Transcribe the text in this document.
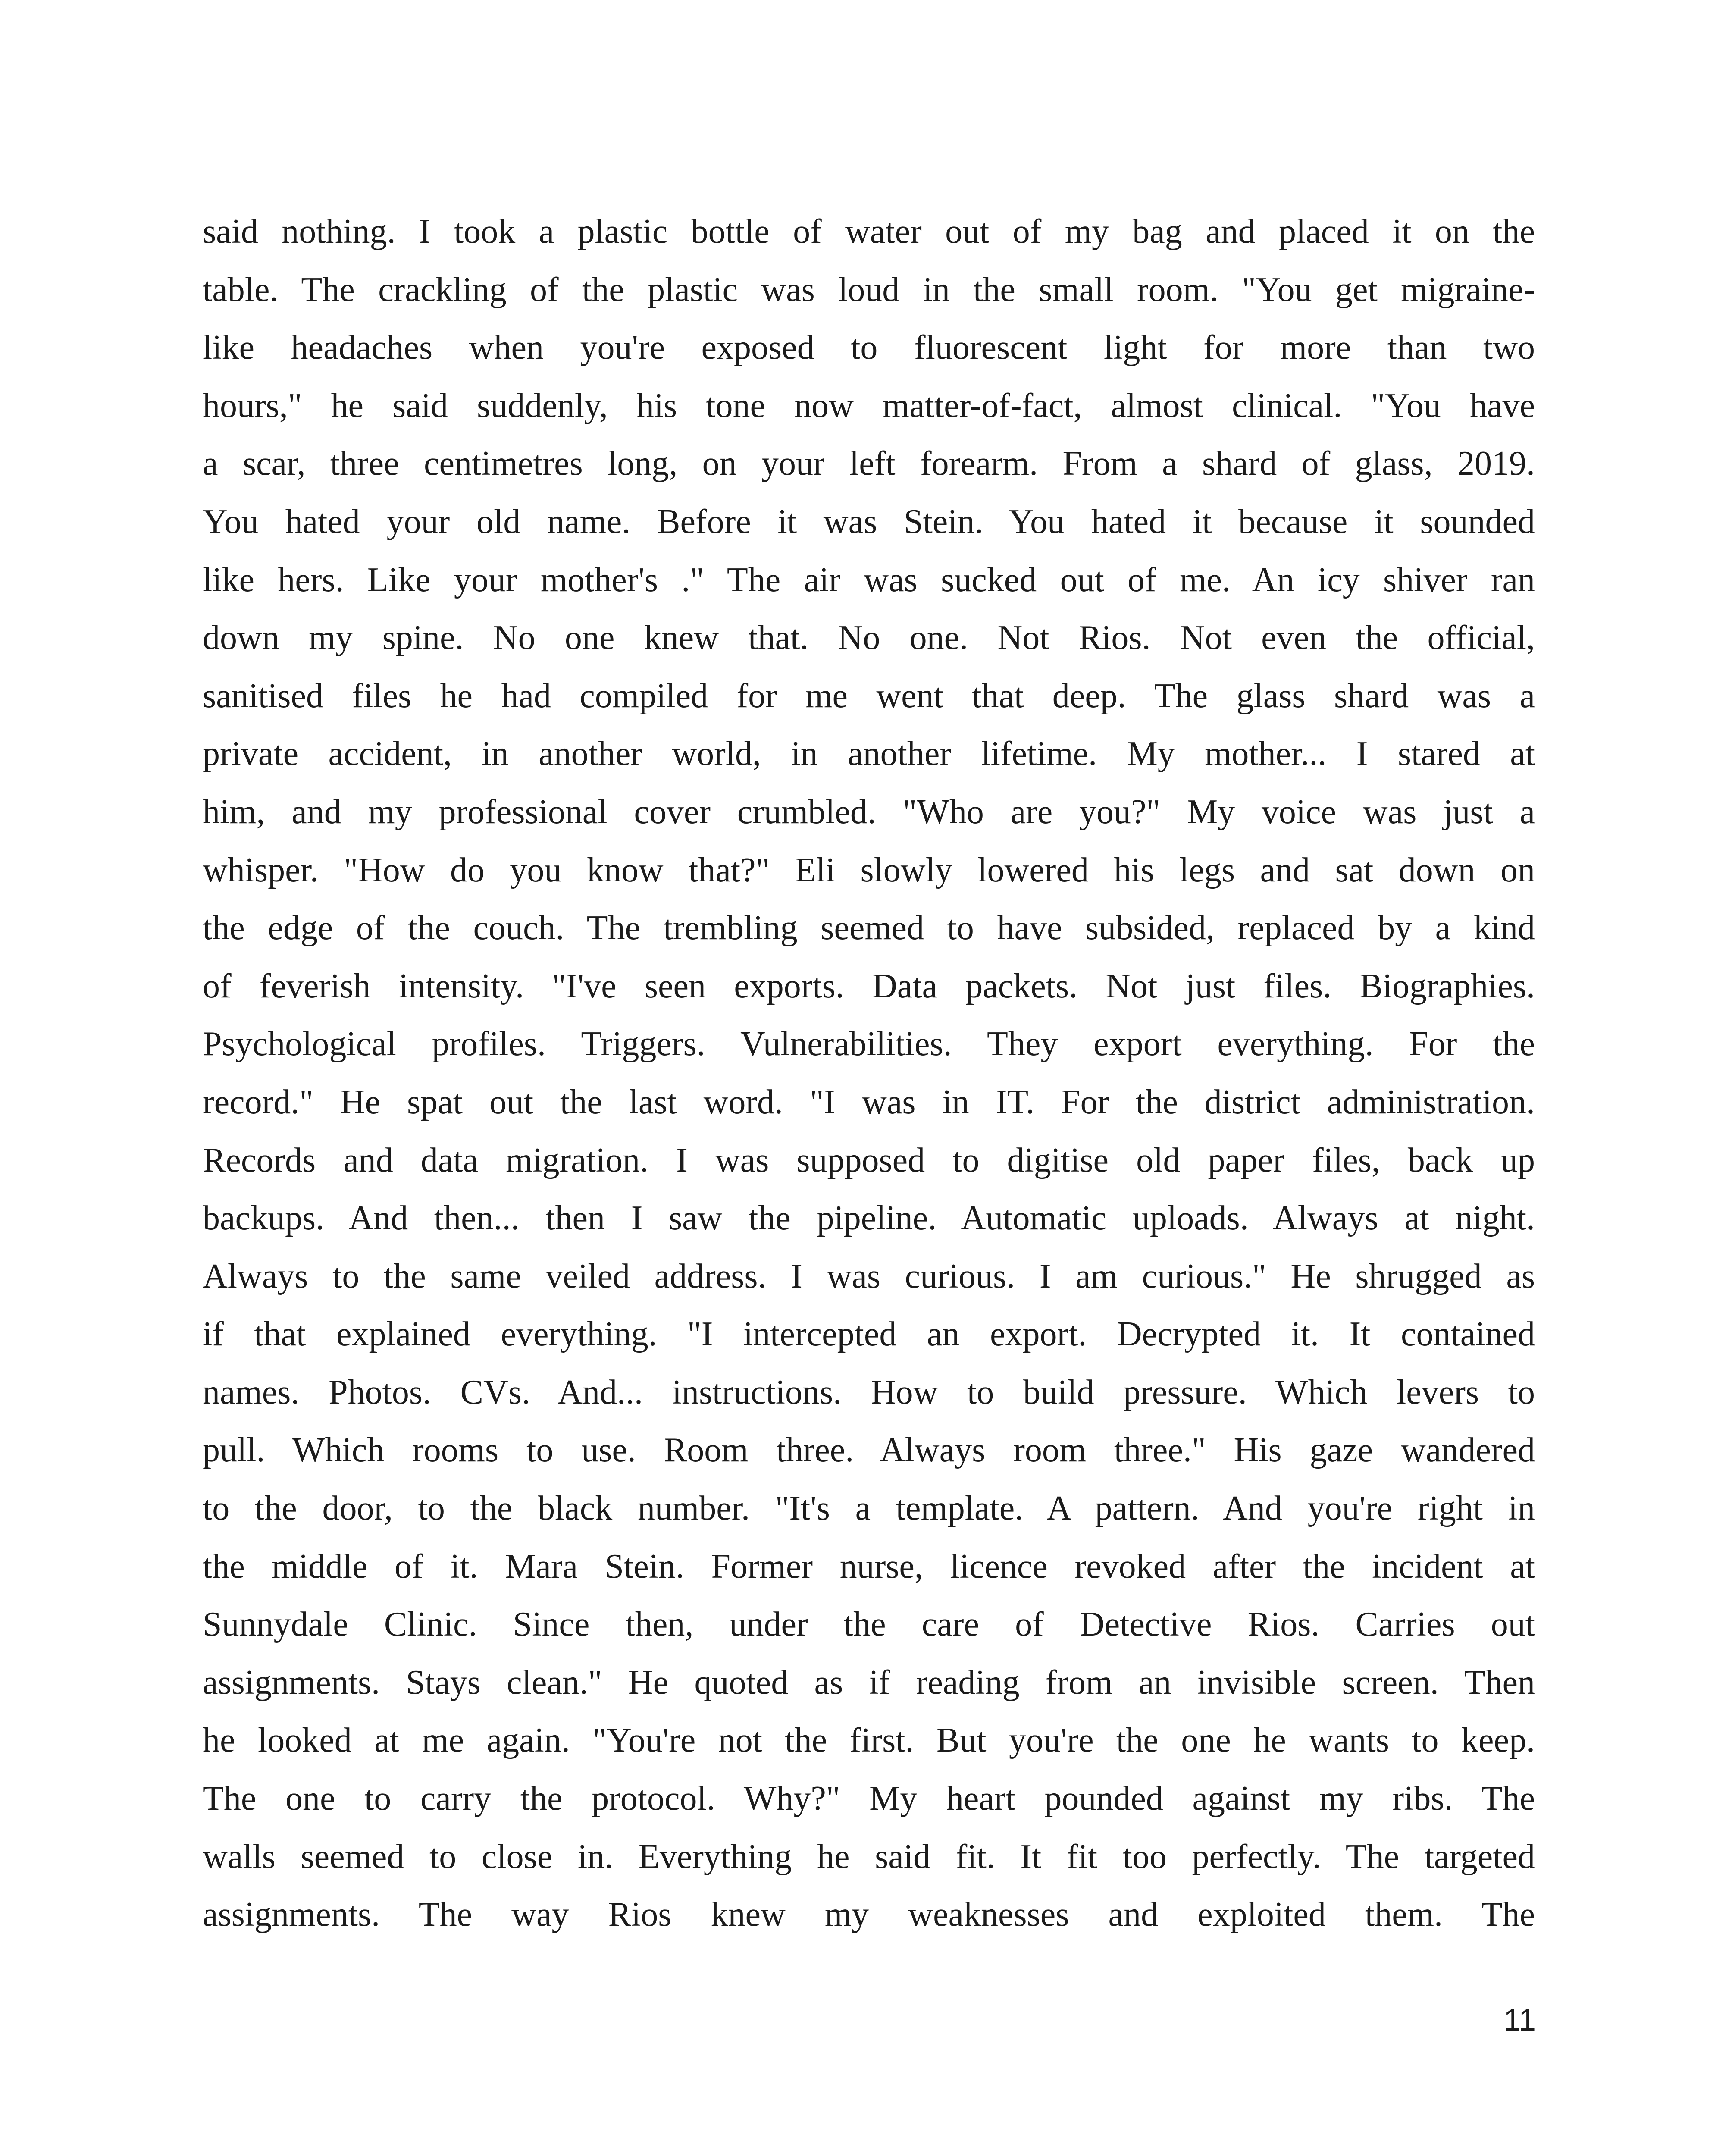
said nothing. I took a plastic bottle of water out of my bag and placed it on the
table. The crackling of the plastic was loud in the small room. "You get migraine-
like headaches when you're exposed to fluorescent light for more than two
hours," he said suddenly, his tone now matter-of-fact, almost clinical. "You have
a scar, three centimetres long, on your left forearm. From a shard of glass, 2019.
You hated your old name. Before it was Stein. You hated it because it sounded
like hers. Like your mother's ." The air was sucked out of me. An icy shiver ran
down my spine. No one knew that. No one. Not Rios. Not even the official,
sanitised files he had compiled for me went that deep. The glass shard was a
private accident, in another world, in another lifetime. My mother... I stared at
him, and my professional cover crumbled. "Who are you?" My voice was just a
whisper. "How do you know that?" Eli slowly lowered his legs and sat down on
the edge of the couch. The trembling seemed to have subsided, replaced by a kind
of feverish intensity. "I've seen exports. Data packets. Not just files. Biographies.
Psychological profiles. Triggers. Vulnerabilities. They export everything. For the
record." He spat out the last word. "I was in IT. For the district administration.
Records and data migration. I was supposed to digitise old paper files, back up
backups. And then... then I saw the pipeline. Automatic uploads. Always at night.
Always to the same veiled address. I was curious. I am curious." He shrugged as
if that explained everything. "I intercepted an export. Decrypted it. It contained
names. Photos. CVs. And... instructions. How to build pressure. Which levers to
pull. Which rooms to use. Room three. Always room three." His gaze wandered
to the door, to the black number. "It's a template. A pattern. And you're right in
the middle of it. Mara Stein. Former nurse, licence revoked after the incident at
Sunnydale Clinic. Since then, under the care of Detective Rios. Carries out
assignments. Stays clean." He quoted as if reading from an invisible screen. Then
he looked at me again. "You're not the first. But you're the one he wants to keep.
The one to carry the protocol. Why?" My heart pounded against my ribs. The
walls seemed to close in. Everything he said fit. It fit too perfectly. The targeted
assignments. The way Rios knew my weaknesses and exploited them. The
11
